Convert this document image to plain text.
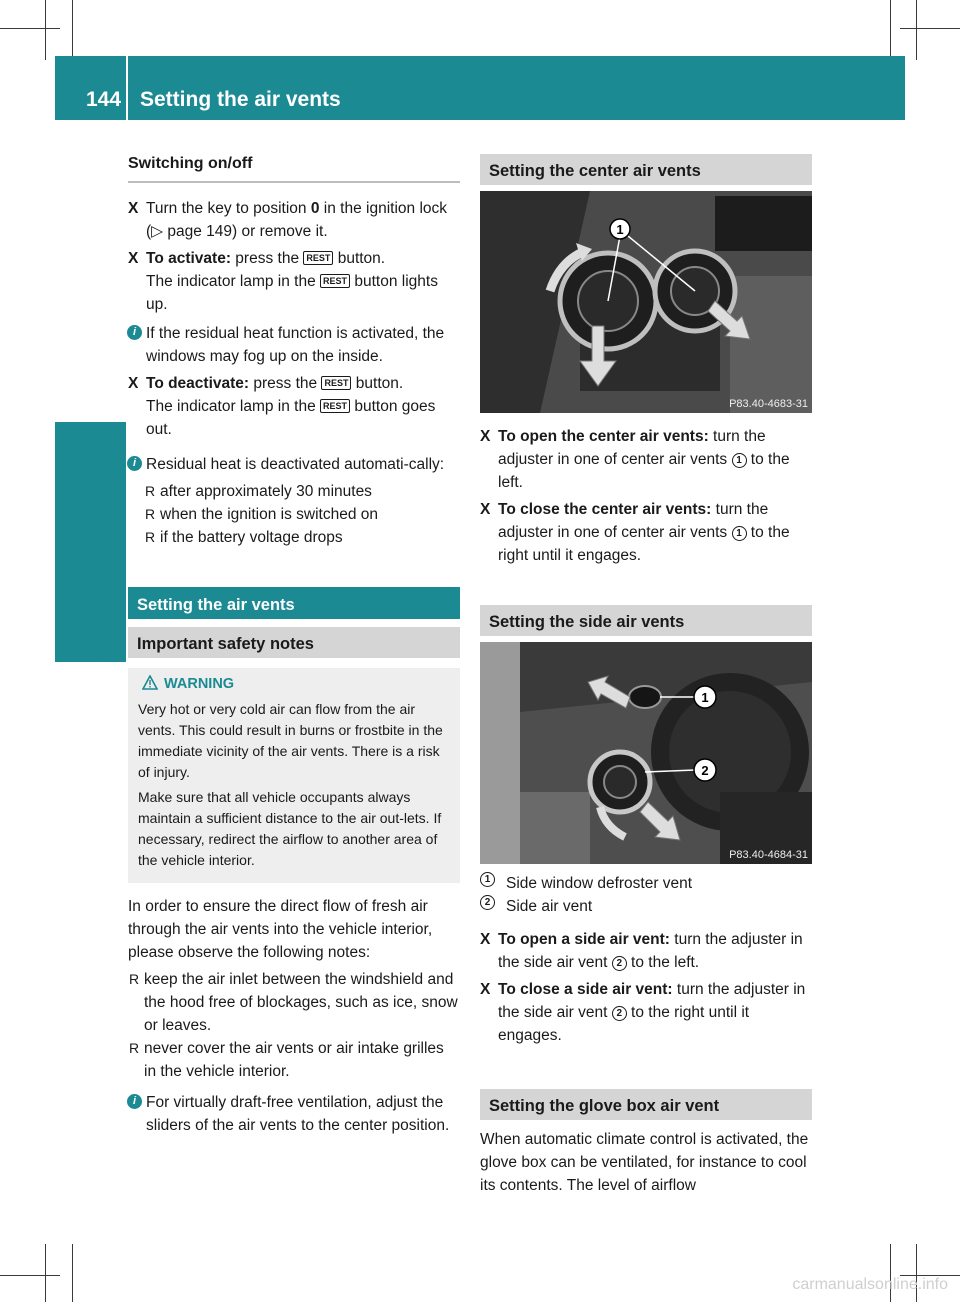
144 Setting the air vents
Climate control

Switching on/off

X Turn the key to position 0 in the ignition lock (▷ page 149) or remove it.

X To activate: press the REST button.
The indicator lamp in the REST button lights up.

i If the residual heat function is activated, the windows may fog up on the inside.

X To deactivate: press the REST button.
The indicator lamp in the REST button goes out.

i Residual heat is deactivated automati-cally:

R after approximately 30 minutes

R when the ignition is switched on

R if the battery voltage drops

Setting the air vents
Important safety notes

WARNING

Very hot or very cold air can flow from the air vents. This could result in burns or frostbite in the immediate vicinity of the air vents. There is a risk of injury.

Make sure that all vehicle occupants always maintain a sufficient distance to the air out-lets. If necessary, redirect the airflow to another area of the vehicle interior.

In order to ensure the direct flow of fresh air through the air vents into the vehicle interior, please observe the following notes:

R keep the air inlet between the windshield and the hood free of blockages, such as ice, snow or leaves.

R never cover the air vents or air intake grilles in the vehicle interior.

i For virtually draft-free ventilation, adjust the sliders of the air vents to the center position.

Setting the center air vents
1
P83.40-4683-31

X To open the center air vents: turn the adjuster in one of center air vents 1 to the left.

X To close the center air vents: turn the adjuster in one of center air vents 1 to the right until it engages.

Setting the side air vents
1
2
P83.40-4684-31

1	Side window defroster vent

2	Side air vent

X To open a side air vent: turn the adjuster in the side air vent 2 to the left.

X To close a side air vent: turn the adjuster in the side air vent 2 to the right until it engages.

Setting the glove box air vent

When automatic climate control is activated, the glove box can be ventilated, for instance to cool its contents. The level of airflow

carmanualsonline.info
